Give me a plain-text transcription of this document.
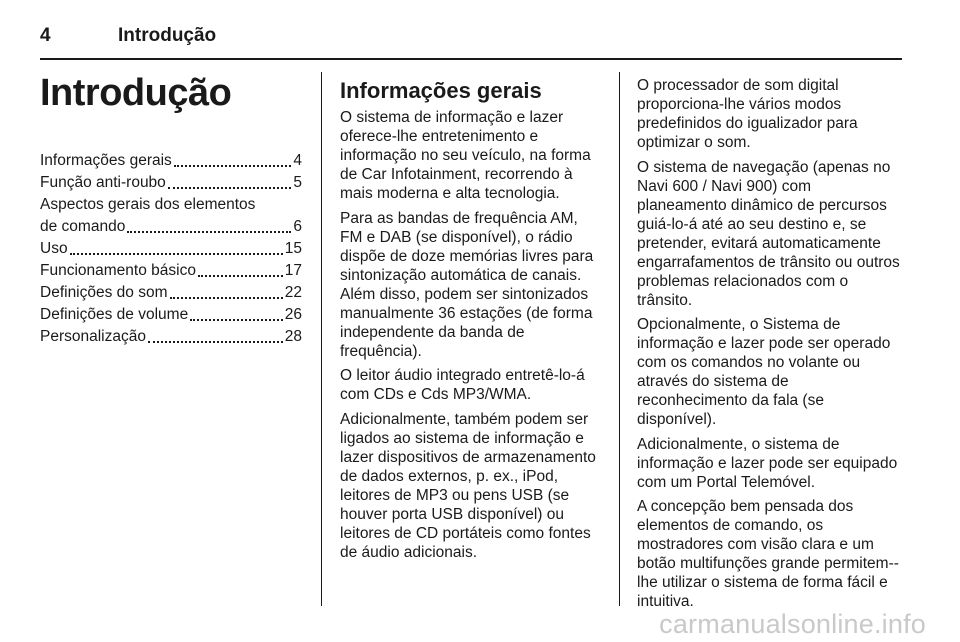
4	Introdução
Introdução
Informações gerais	4
Função anti-roubo	5
Aspectos gerais dos elementos
de comando	6
Uso	15
Funcionamento básico	17
Definições do som	22
Definições de volume	26
Personalização	28
Informações gerais

O sistema de informação e lazer oferece-lhe entretenimento e informação no seu veículo, na forma de Car Infotainment, recorrendo à mais moderna e alta tecnologia.

Para as bandas de frequência AM, FM e DAB (se disponível), o rádio dispõe de doze memórias livres para sintonização automática de canais. Além disso, podem ser sintonizados manualmente 36 estações (de forma independente da banda de frequência).

O leitor áudio integrado entretê-lo-á com CDs e Cds MP3/WMA.

Adicionalmente, também podem ser ligados ao sistema de informação e lazer dispositivos de armazenamento de dados externos, p. ex., iPod, leitores de MP3 ou pens USB (se houver porta USB disponível) ou leitores de CD portáteis como fontes de áudio adicionais.

O processador de som digital proporciona-lhe vários modos predefinidos do igualizador para optimizar o som.

O sistema de navegação (apenas no Navi 600 / Navi 900) com planeamento dinâmico de percursos guiá-lo-á até ao seu destino e, se pretender, evitará automaticamente engarrafamentos de trânsito ou outros problemas relacionados com o trânsito.

Opcionalmente, o Sistema de informação e lazer pode ser operado com os comandos no volante ou através do sistema de reconhecimento da fala (se disponível).

Adicionalmente, o sistema de informação e lazer pode ser equipado com um Portal Telemóvel.

A concepção bem pensada dos elementos de comando, os mostradores com visão clara e um botão multifunções grande permitem--lhe utilizar o sistema de forma fácil e intuitiva.

carmanualsonline.info
